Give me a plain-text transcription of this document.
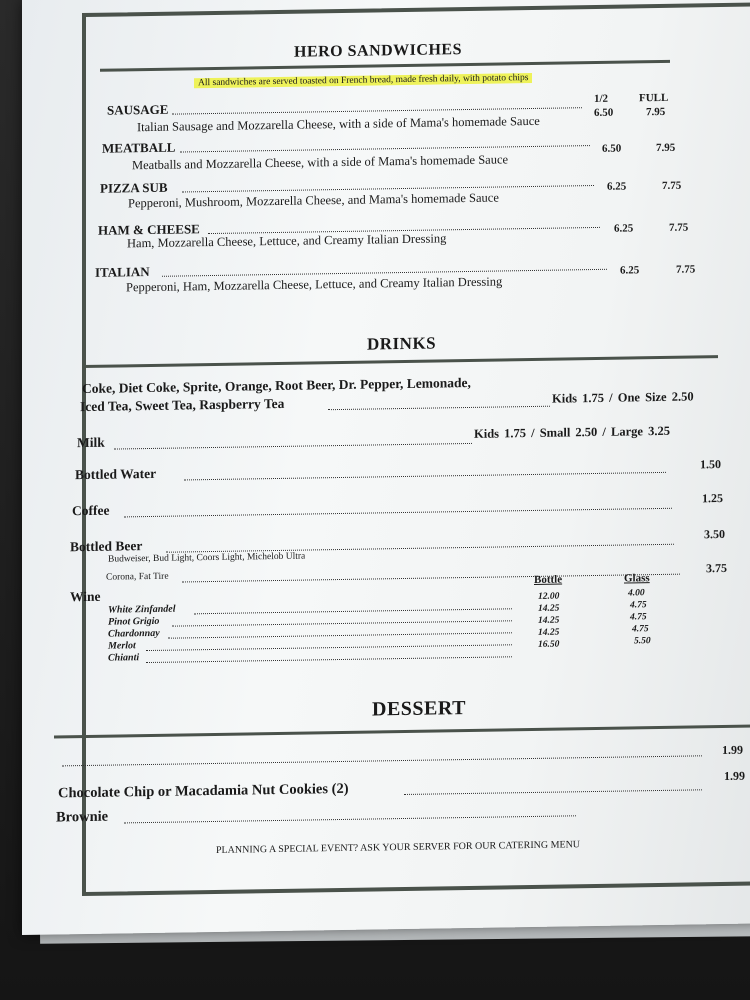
HERO SANDWICHES
All sandwiches are served toasted on French bread, made fresh daily, with potato chips
1/2	FULL
SAUSAGE
Italian Sausage and Mozzarella Cheese, with a side of Mama's homemade Sauce
6.50	7.95
MEATBALL
Meatballs and Mozzarella Cheese, with a side of Mama's homemade Sauce
6.50	7.95
PIZZA SUB
Pepperoni, Mushroom, Mozzarella Cheese, and Mama's homemade Sauce
6.25	7.75
HAM & CHEESE
Ham, Mozzarella Cheese, Lettuce, and Creamy Italian Dressing
6.25	7.75
ITALIAN
Pepperoni, Ham, Mozzarella Cheese, Lettuce, and Creamy Italian Dressing
6.25	7.75
DRINKS
Coke, Diet Coke, Sprite, Orange, Root Beer, Dr. Pepper, Lemonade,
Iced Tea, Sweet Tea, Raspberry Tea	Kids 1.75 / One Size 2.50
Milk
Kids 1.75 / Small 2.50 / Large 3.25
Bottled Water
1.50
Coffee
1.25
Bottled Beer
3.50
Budweiser, Bud Light, Coors Light, Michelob Ultra
Corona, Fat Tire
3.75
Wine
Bottle	Glass
White Zinfandel
12.00	4.00
Pinot Grigio
14.25	4.75
Chardonnay
14.25	4.75
Merlot
14.25	4.75
Chianti
16.50	5.50
DESSERT
1.99
Chocolate Chip or Macadamia Nut Cookies (2)
1.99
Brownie
PLANNING A SPECIAL EVENT? ASK YOUR SERVER FOR OUR CATERING MENU
